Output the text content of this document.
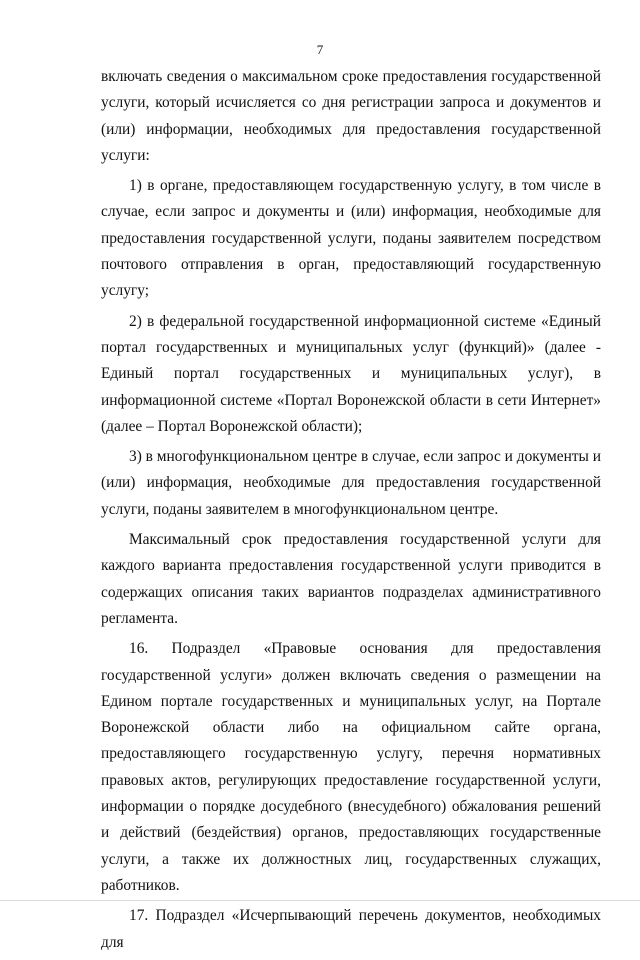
7

включать сведения о максимальном сроке предоставления государственной услуги, который исчисляется со дня регистрации запроса и документов и (или) информации, необходимых для предоставления государственной услуги:

1) в органе, предоставляющем государственную услугу, в том числе в случае, если запрос и документы и (или) информация, необходимые для предоставления государственной услуги, поданы заявителем посредством почтового отправления в орган, предоставляющий государственную услугу;

2) в федеральной государственной информационной системе «Единый портал государственных и муниципальных услуг (функций)» (далее - Единый портал государственных и муниципальных услуг), в информационной системе «Портал Воронежской области в сети Интернет» (далее – Портал Воронежской области);

3) в многофункциональном центре в случае, если запрос и документы и (или) информация, необходимые для предоставления государственной услуги, поданы заявителем в многофункциональном центре.

Максимальный срок предоставления государственной услуги для каждого варианта предоставления государственной услуги приводится в содержащих описания таких вариантов подразделах административного регламента.

16. Подраздел «Правовые основания для предоставления государственной услуги» должен включать сведения о размещении на Едином портале государственных и муниципальных услуг, на Портале Воронежской области либо на официальном сайте органа, предоставляющего государственную услугу, перечня нормативных правовых актов, регулирующих предоставление государственной услуги, информации о порядке досудебного (внесудебного) обжалования решений и действий (бездействия) органов, предоставляющих государственные услуги, а также их должностных лиц, государственных служащих, работников.

17. Подраздел «Исчерпывающий перечень документов, необходимых для
